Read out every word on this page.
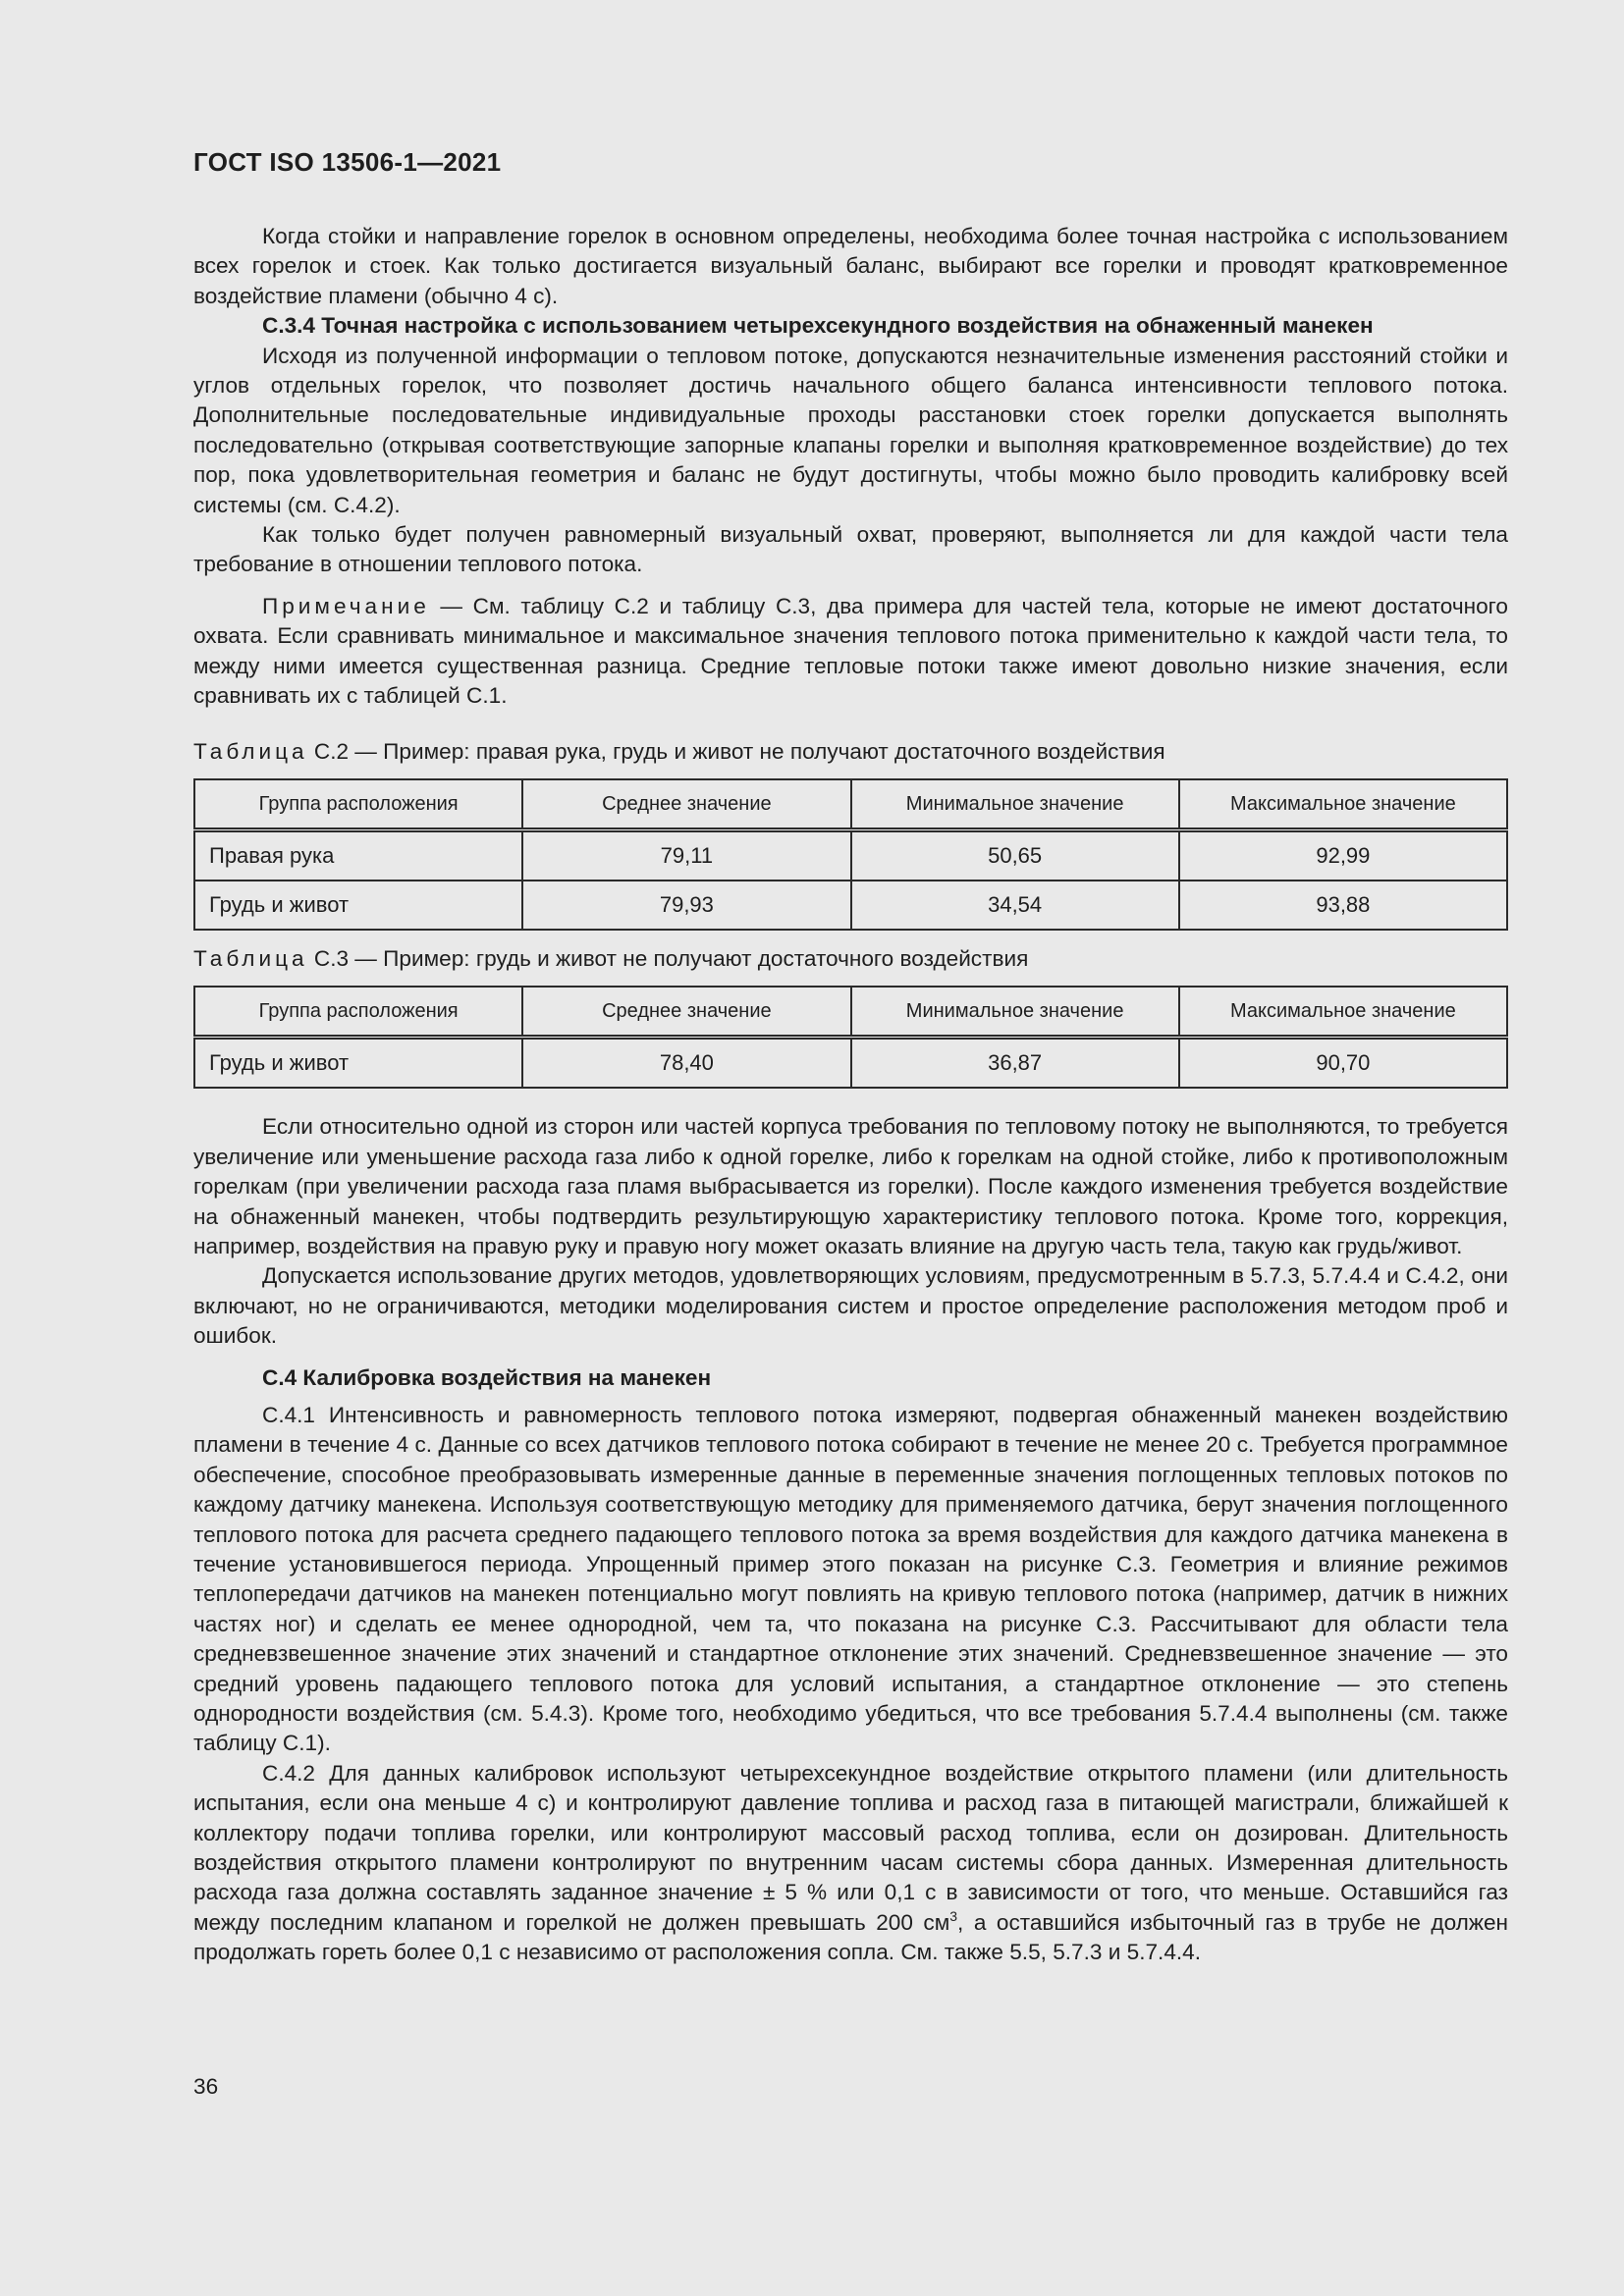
ГОСТ ISO 13506-1—2021

Когда стойки и направление горелок в основном определены, необходима более точная настройка с использованием всех горелок и стоек. Как только достигается визуальный баланс, выбирают все горелки и проводят кратковременное воздействие пламени (обычно 4 с).

С.3.4 Точная настройка с использованием четырехсекундного воздействия на обнаженный манекен

Исходя из полученной информации о тепловом потоке, допускаются незначительные изменения расстояний стойки и углов отдельных горелок, что позволяет достичь начального общего баланса интенсивности теплового потока. Дополнительные последовательные индивидуальные проходы расстановки стоек горелки допускается выполнять последовательно (открывая соответствующие запорные клапаны горелки и выполняя кратковременное воздействие) до тех пор, пока удовлетворительная геометрия и баланс не будут достигнуты, чтобы можно было проводить калибровку всей системы (см. С.4.2).

Как только будет получен равномерный визуальный охват, проверяют, выполняется ли для каждой части тела требование в отношении теплового потока.

Примечание — См. таблицу С.2 и таблицу С.3, два примера для частей тела, которые не имеют достаточного охвата. Если сравнивать минимальное и максимальное значения теплового потока применительно к каждой части тела, то между ними имеется существенная разница. Средние тепловые потоки также имеют довольно низкие значения, если сравнивать их с таблицей С.1.

Таблица С.2 — Пример: правая рука, грудь и живот не получают достаточного воздействия

Группа расположения	Среднее значение	Минимальное значение	Максимальное значение
Правая рука	79,11	50,65	92,99
Грудь и живот	79,93	34,54	93,88

Таблица С.3 — Пример: грудь и живот не получают достаточного воздействия

Группа расположения	Среднее значение	Минимальное значение	Максимальное значение
Грудь и живот	78,40	36,87	90,70

Если относительно одной из сторон или частей корпуса требования по тепловому потоку не выполняются, то требуется увеличение или уменьшение расхода газа либо к одной горелке, либо к горелкам на одной стойке, либо к противоположным горелкам (при увеличении расхода газа пламя выбрасывается из горелки). После каждого изменения требуется воздействие на обнаженный манекен, чтобы подтвердить результирующую характеристику теплового потока. Кроме того, коррекция, например, воздействия на правую руку и правую ногу может оказать влияние на другую часть тела, такую как грудь/живот.

Допускается использование других методов, удовлетворяющих условиям, предусмотренным в 5.7.3, 5.7.4.4 и С.4.2, они включают, но не ограничиваются, методики моделирования систем и простое определение расположения методом проб и ошибок.

С.4 Калибровка воздействия на манекен

С.4.1 Интенсивность и равномерность теплового потока измеряют, подвергая обнаженный манекен воздействию пламени в течение 4 с. Данные со всех датчиков теплового потока собирают в течение не менее 20 с. Требуется программное обеспечение, способное преобразовывать измеренные данные в переменные значения поглощенных тепловых потоков по каждому датчику манекена. Используя соответствующую методику для применяемого датчика, берут значения поглощенного теплового потока для расчета среднего падающего теплового потока за время воздействия для каждого датчика манекена в течение установившегося периода. Упрощенный пример этого показан на рисунке С.3. Геометрия и влияние режимов теплопередачи датчиков на манекен потенциально могут повлиять на кривую теплового потока (например, датчик в нижних частях ног) и сделать ее менее однородной, чем та, что показана на рисунке С.3. Рассчитывают для области тела средневзвешенное значение этих значений и стандартное отклонение этих значений. Средневзвешенное значение — это средний уровень падающего теплового потока для условий испытания, а стандартное отклонение — это степень однородности воздействия (см. 5.4.3). Кроме того, необходимо убедиться, что все требования 5.7.4.4 выполнены (см. также таблицу С.1).

С.4.2 Для данных калибровок используют четырехсекундное воздействие открытого пламени (или длительность испытания, если она меньше 4 с) и контролируют давление топлива и расход газа в питающей магистрали, ближайшей к коллектору подачи топлива горелки, или контролируют массовый расход топлива, если он дозирован. Длительность воздействия открытого пламени контролируют по внутренним часам системы сбора данных. Измеренная длительность расхода газа должна составлять заданное значение ± 5 % или 0,1 с в зависимости от того, что меньше. Оставшийся газ между последним клапаном и горелкой не должен превышать 200 $см^3$, а оставшийся избыточный газ в трубе не должен продолжать гореть более 0,1 с независимо от расположения сопла. См. также 5.5, 5.7.3 и 5.7.4.4.

36
